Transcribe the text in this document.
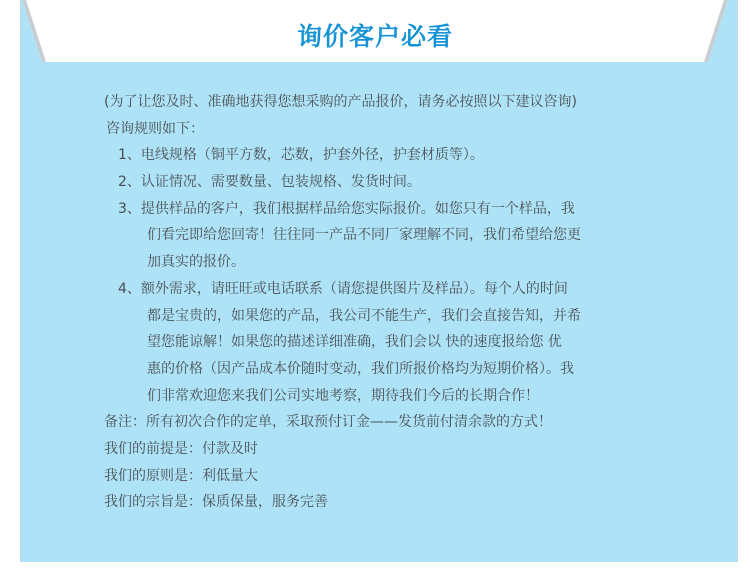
询价客户必看
(为了让您及时、准确地获得您想采购的产品报价，请务必按照以下建议咨询)
咨询规则如下：
1、电线规格（铜平方数，芯数，护套外径，护套材质等）。
2、认证情况、需要数量、包装规格、发货时间。
3、提供样品的客户，我们根据样品给您实际报价。如您只有一个样品，我
们看完即给您回寄！往往同一产品不同厂家理解不同，我们希望给您更
加真实的报价。
4、额外需求，请旺旺或电话联系（请您提供图片及样品）。每个人的时间
都是宝贵的，如果您的产品，我公司不能生产，我们会直接告知，并希
望您能谅解！如果您的描述详细准确，我们会以 快的速度报给您 优
惠的价格（因产品成本价随时变动，我们所报价格均为短期价格）。我
们非常欢迎您来我们公司实地考察，期待我们今后的长期合作！
备注：所有初次合作的定单，采取预付订金——发货前付清余款的方式！
我们的前提是：付款及时
我们的原则是：利低量大
我们的宗旨是：保质保量，服务完善
